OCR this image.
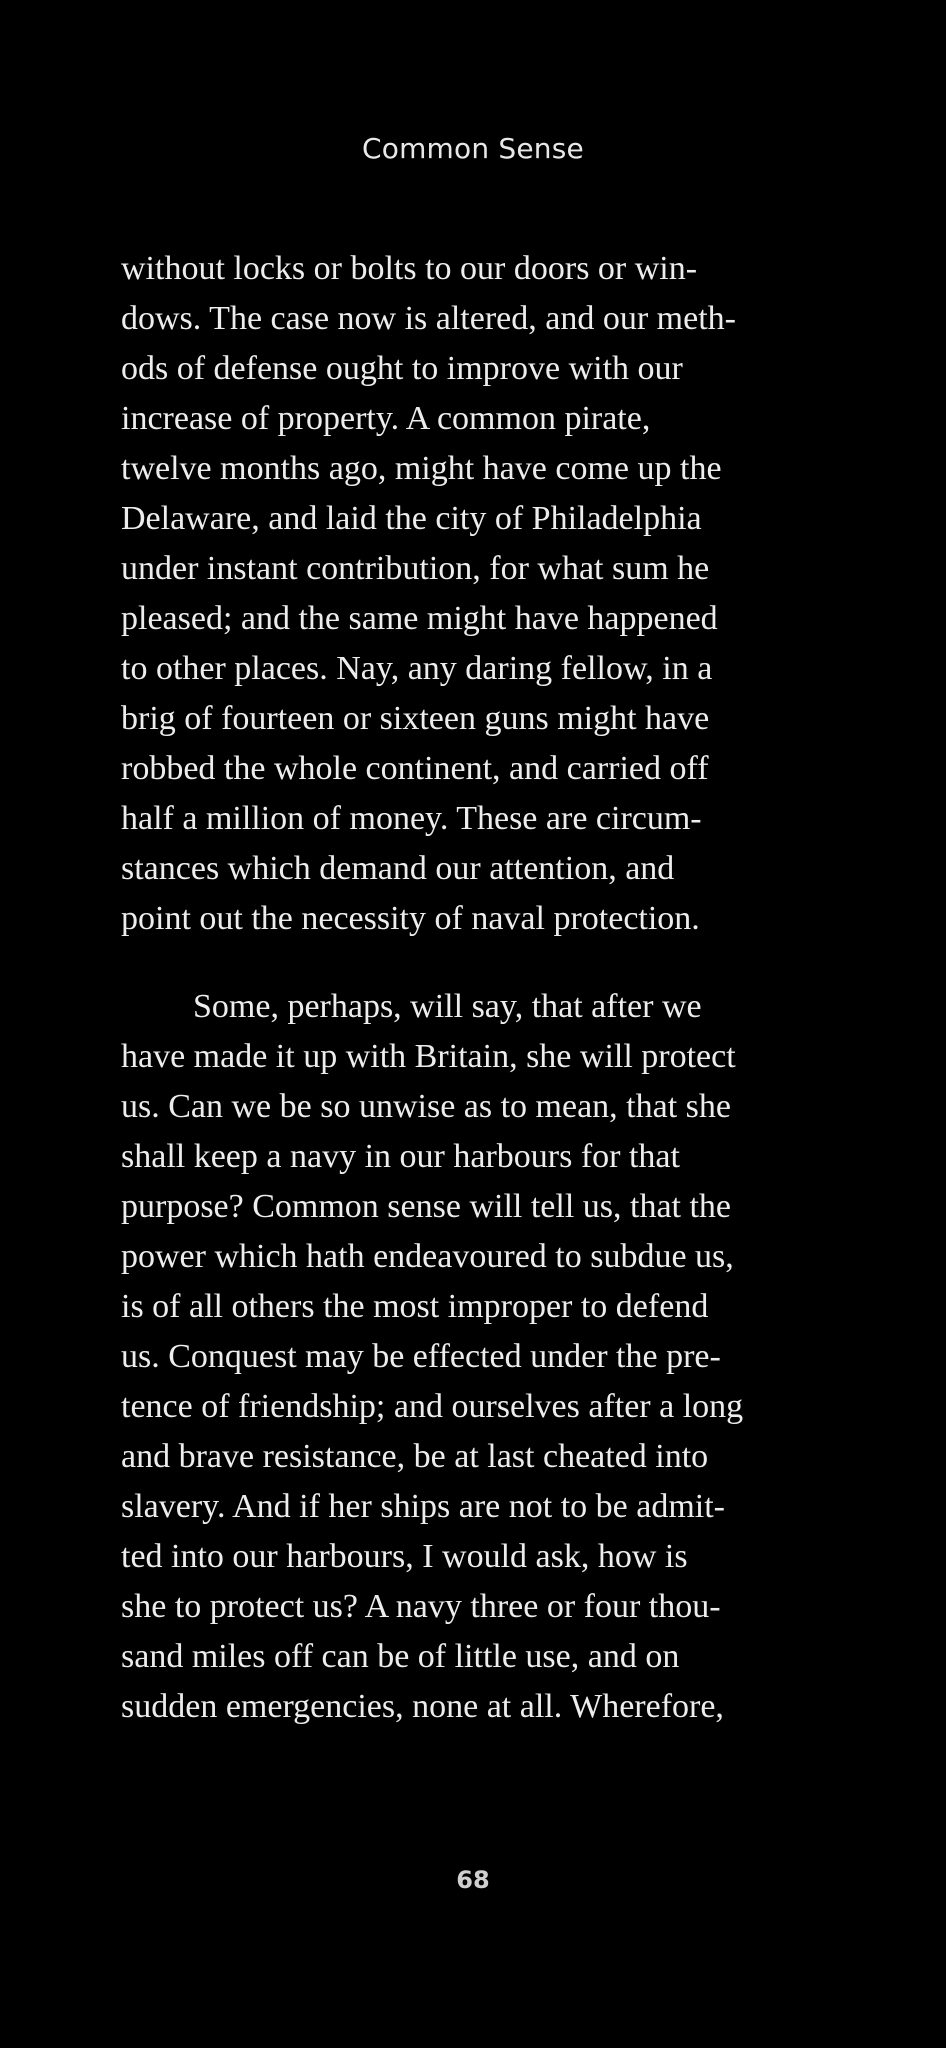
Common Sense
without locks or bolts to our doors or win-
dows. The case now is altered, and our meth-
ods of defense ought to improve with our
increase of property. A common pirate,
twelve months ago, might have come up the
Delaware, and laid the city of Philadelphia
under instant contribution, for what sum he
pleased; and the same might have happened
to other places. Nay, any daring fellow, in a
brig of fourteen or sixteen guns might have
robbed the whole continent, and carried off
half a million of money. These are circum-
stances which demand our attention, and
point out the necessity of naval protection.
Some, perhaps, will say, that after we
have made it up with Britain, she will protect
us. Can we be so unwise as to mean, that she
shall keep a navy in our harbours for that
purpose? Common sense will tell us, that the
power which hath endeavoured to subdue us,
is of all others the most improper to defend
us. Conquest may be effected under the pre-
tence of friendship; and ourselves after a long
and brave resistance, be at last cheated into
slavery. And if her ships are not to be admit-
ted into our harbours, I would ask, how is
she to protect us? A navy three or four thou-
sand miles off can be of little use, and on
sudden emergencies, none at all. Wherefore,
68
